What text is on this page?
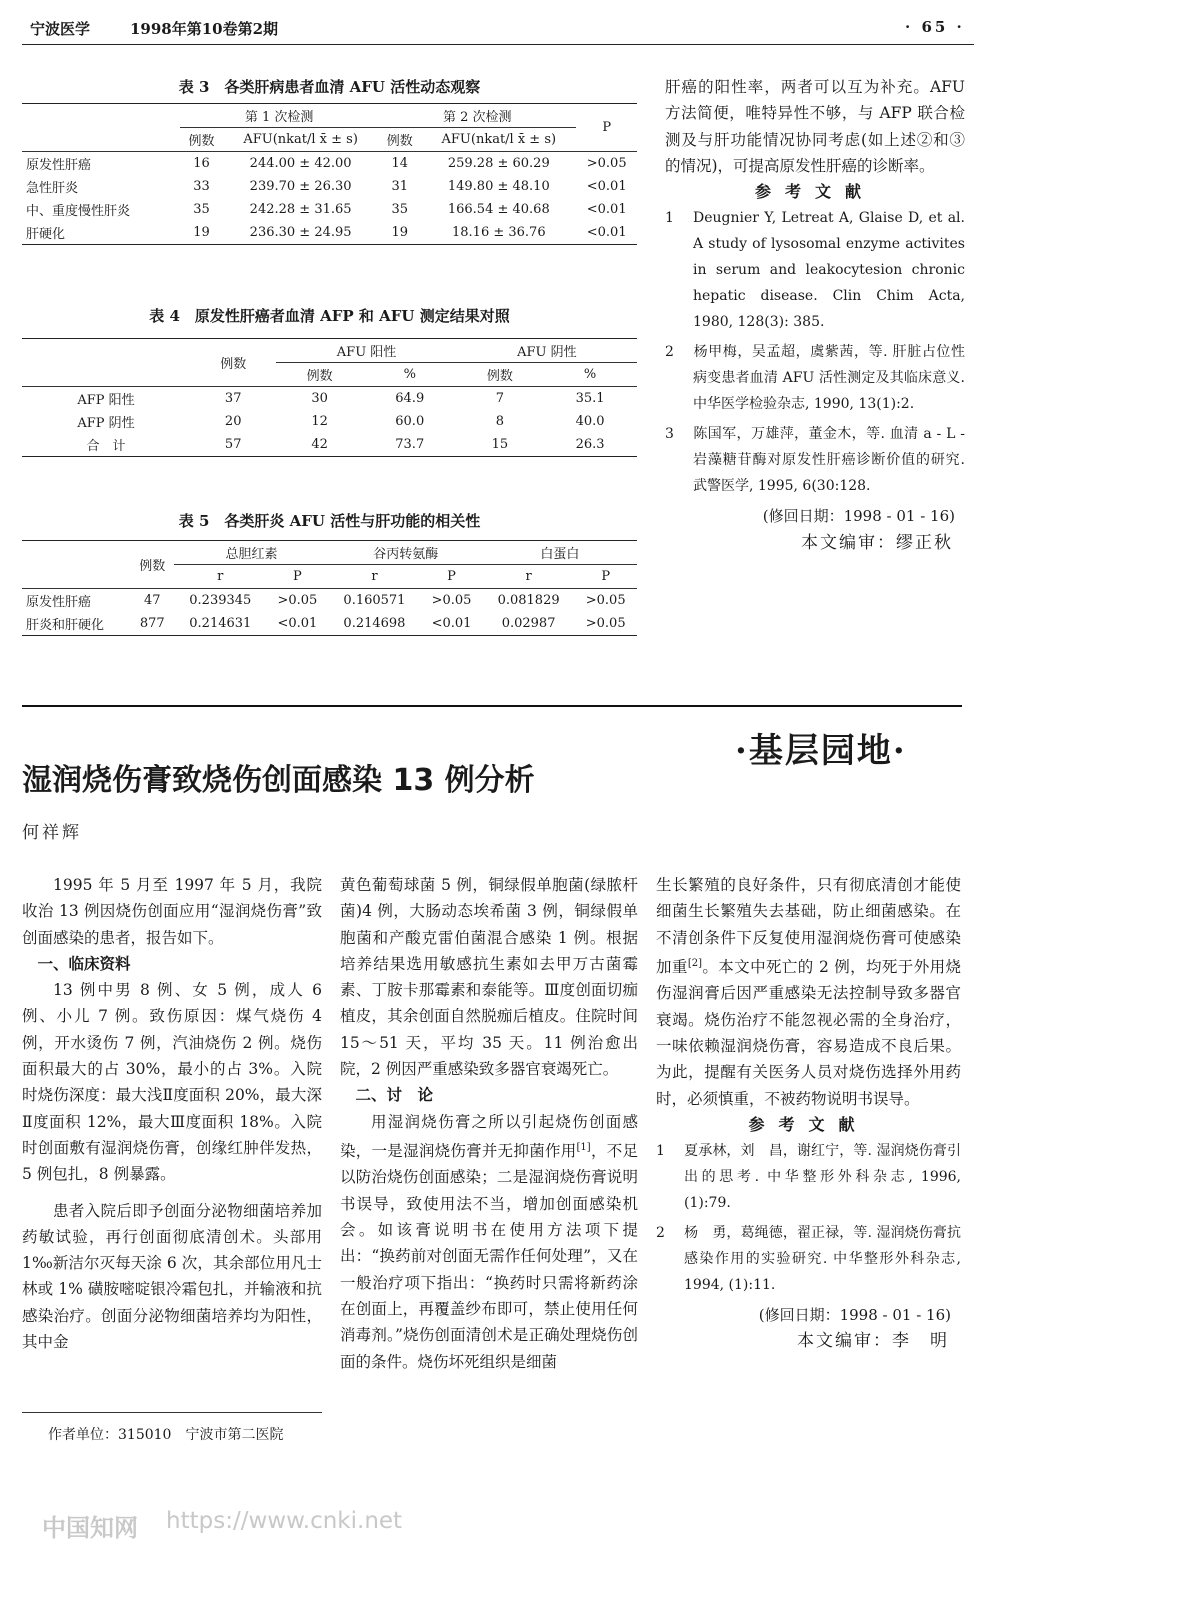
宁波医学	1998年第10卷第2期	· 65 ·
表 3　各类肝病患者血清 AFU 活性动态观察
	第 1 次检测		第 2 次检测		P
	例数	AFU(nkat/l x̄ ± s)	例数	AFU(nkat/l x̄ ± s)	
原发性肝癌	16	244.00 ± 42.00	14	259.28 ± 60.29	>0.05
急性肝炎	33	239.70 ± 26.30	31	149.80 ± 48.10	<0.01
中、重度慢性肝炎	35	242.28 ± 31.65	35	166.54 ± 40.68	<0.01
肝硬化	19	236.30 ± 24.95	19	18.16 ± 36.76	<0.01
表 4　原发性肝癌者血清 AFP 和 AFU 测定结果对照
	例数	AFU 阳性		AFU 阴性	
		例数	%	例数	%
AFP 阳性	37	30	64.9	7	35.1
AFP 阴性	20	12	60.0	8	40.0
合　计	57	42	73.7	15	26.3
表 5　各类肝炎 AFU 活性与肝功能的相关性
	例数	总胆红素		谷丙转氨酶		白蛋白	
		r	P	r	P	r	P
原发性肝癌	47	0.239345	>0.05	0.160571	>0.05	0.081829	>0.05
肝炎和肝硬化	877	0.214631	<0.01	0.214698	<0.01	0.02987	>0.05

肝癌的阳性率，两者可以互为补充。AFU 方法简便，唯特异性不够，与 AFP 联合检测及与肝功能情况协同考虑(如上述②和③的情况)，可提高原发性肝癌的诊断率。

参考文献

1 Deugnier Y, Letreat A, Glaise D, et al. A study of lysosomal enzyme activites in serum and leakocytesion chronic hepatic disease. Clin Chim Acta, 1980, 128(3): 385.

2 杨甲梅，吴孟超，虞紫茜，等. 肝脏占位性病变患者血清 AFU 活性测定及其临床意义. 中华医学检验杂志, 1990, 13(1):2.

3 陈国军，万雄萍，董金木，等. 血清 a - L - 岩藻糖苷酶对原发性肝癌诊断价值的研究. 武警医学, 1995, 6(30:128.

(修回日期：1998 - 01 - 16)

本文编审：缪正秋

·基层园地·
湿润烧伤膏致烧伤创面感染 13 例分析
何祥辉

1995 年 5 月至 1997 年 5 月，我院收治 13 例因烧伤创面应用“湿润烧伤膏”致创面感染的患者，报告如下。

一、临床资料

13 例中男 8 例、女 5 例，成人 6 例、小儿 7 例。致伤原因：煤气烧伤 4 例，开水烫伤 7 例，汽油烧伤 2 例。烧伤面积最大的占 30%，最小的占 3%。入院时烧伤深度：最大浅Ⅱ度面积 20%，最大深Ⅱ度面积 12%，最大Ⅲ度面积 18%。入院时创面敷有湿润烧伤膏，创缘红肿伴发热，5 例包扎，8 例暴露。

患者入院后即予创面分泌物细菌培养加药敏试验，再行创面彻底清创术。头部用 1‰新洁尔灭每天涂 6 次，其余部位用凡士林或 1% 磺胺嘧啶银冷霜包扎，并输液和抗感染治疗。创面分泌物细菌培养均为阳性，其中金

作者单位：315010　宁波市第二医院

黄色葡萄球菌 5 例，铜绿假单胞菌(绿脓杆菌)4 例，大肠动态埃希菌 3 例，铜绿假单胞菌和产酸克雷伯菌混合感染 1 例。根据培养结果选用敏感抗生素如去甲万古菌霉素、丁胺卡那霉素和泰能等。Ⅲ度创面切痂植皮，其余创面自然脱痂后植皮。住院时间 15～51 天，平均 35 天。11 例治愈出院，2 例因严重感染致多器官衰竭死亡。

二、讨　论

用湿润烧伤膏之所以引起烧伤创面感染，一是湿润烧伤膏并无抑菌作用[1]，不足以防治烧伤创面感染；二是湿润烧伤膏说明书误导，致使用法不当，增加创面感染机会。如该膏说明书在使用方法项下提出：“换药前对创面无需作任何处理”，又在一般治疗项下指出：“换药时只需将新药涂在创面上，再覆盖纱布即可，禁止使用任何消毒剂。”烧伤创面清创术是正确处理烧伤创面的条件。烧伤坏死组织是细菌

生长繁殖的良好条件，只有彻底清创才能使细菌生长繁殖失去基础，防止细菌感染。在不清创条件下反复使用湿润烧伤膏可使感染加重[2]。本文中死亡的 2 例，均死于外用烧伤湿润膏后因严重感染无法控制导致多器官衰竭。烧伤治疗不能忽视必需的全身治疗，一味依赖湿润烧伤膏，容易造成不良后果。为此，提醒有关医务人员对烧伤选择外用药时，必须慎重，不被药物说明书误导。

参考文献

1 夏承林，刘　昌，谢红宁，等. 湿润烧伤膏引出的思考. 中华整形外科杂志, 1996, (1):79.

2 杨　勇，葛绳德，翟正禄，等. 湿润烧伤膏抗感染作用的实验研究. 中华整形外科杂志, 1994, (1):11.

(修回日期：1998 - 01 - 16)

本文编审：李　明

中国知网 https://www.cnki.net
